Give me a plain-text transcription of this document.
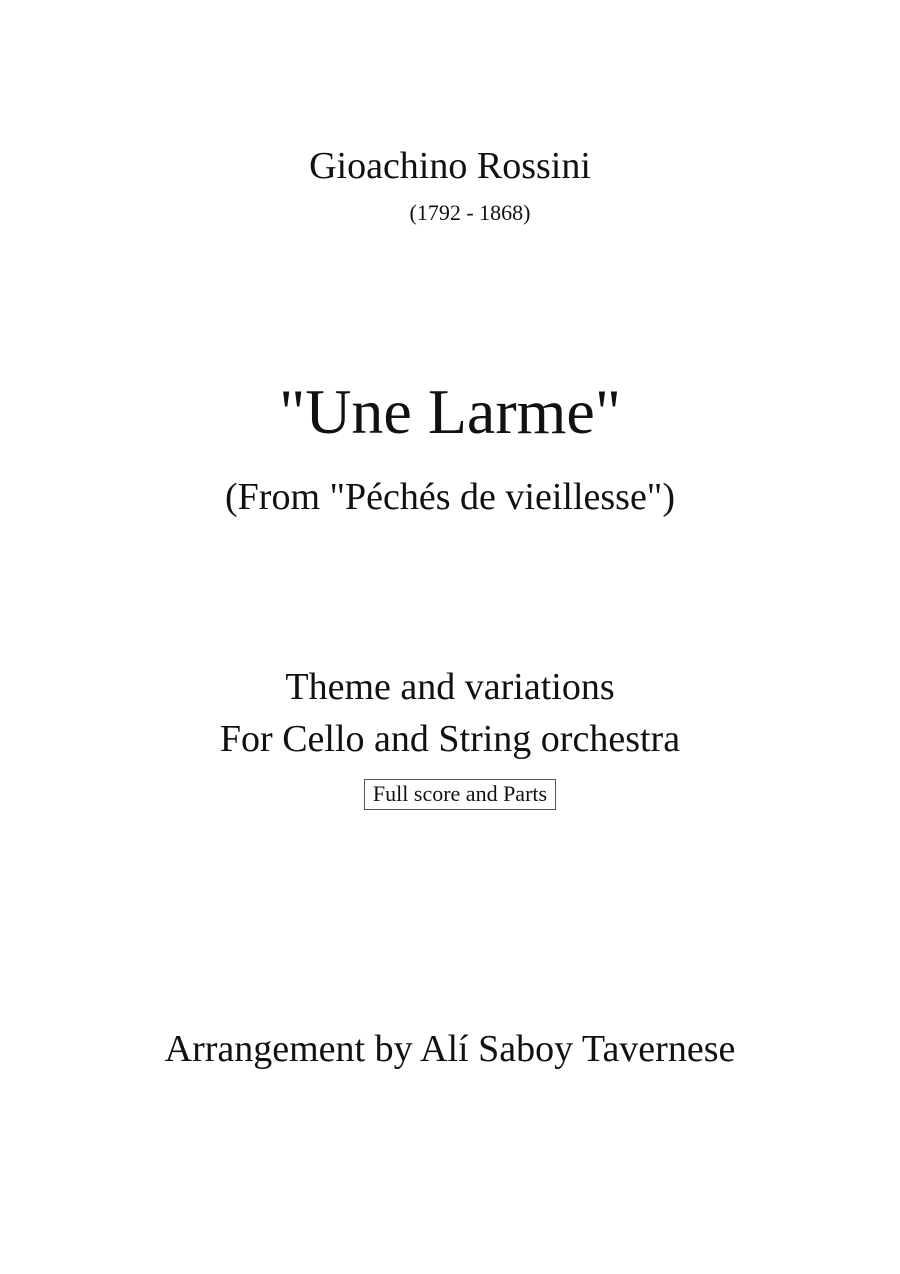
Gioachino Rossini
(1792 - 1868)
"Une Larme"
(From "Péchés de vieillesse")
Theme and variations
For Cello and String orchestra
Full score and Parts
Arrangement by Alí Saboy Tavernese
